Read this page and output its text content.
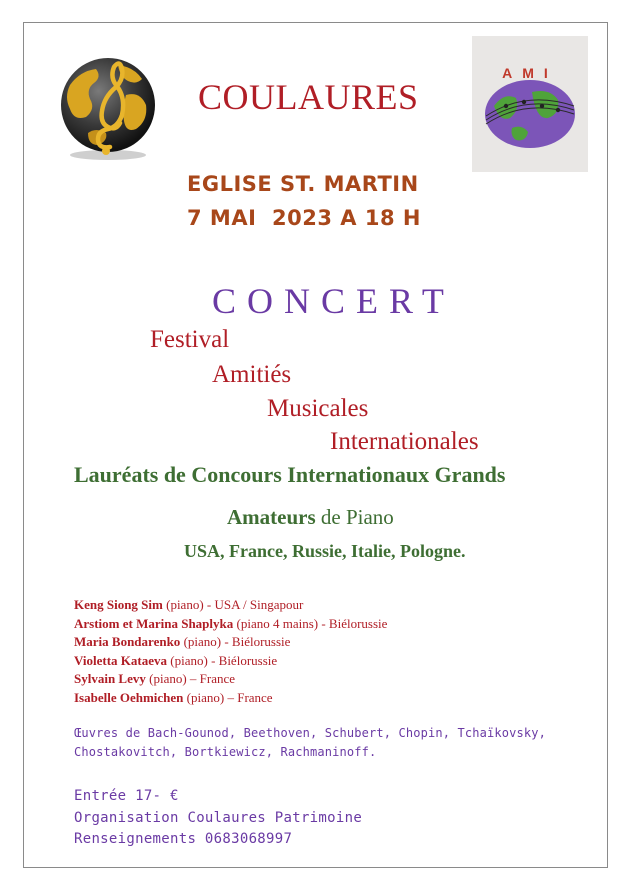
AMI
COULAURES
EGLISE ST. MARTIN
7 MAI  2023 A 18 H
CONCERT
Festival
Amitiés
Musicales
Internationales
Lauréats de Concours Internationaux Grands
Amateurs de Piano
USA, France, Russie, Italie, Pologne.
Keng Siong Sim (piano) - USA / Singapour
Arstiom et Marina Shaplyka (piano 4 mains) - Biélorussie
Maria Bondarenko (piano) - Biélorussie
Violetta Kataeva (piano) - Biélorussie
Sylvain Levy (piano) – France
Isabelle Oehmichen (piano) – France
Œuvres de Bach-Gounod, Beethoven, Schubert, Chopin, Tchaïkovsky,
Chostakovitch, Bortkiewicz, Rachmaninoff.
Entrée 17- €
Organisation Coulaures Patrimoine
Renseignements 0683068997
